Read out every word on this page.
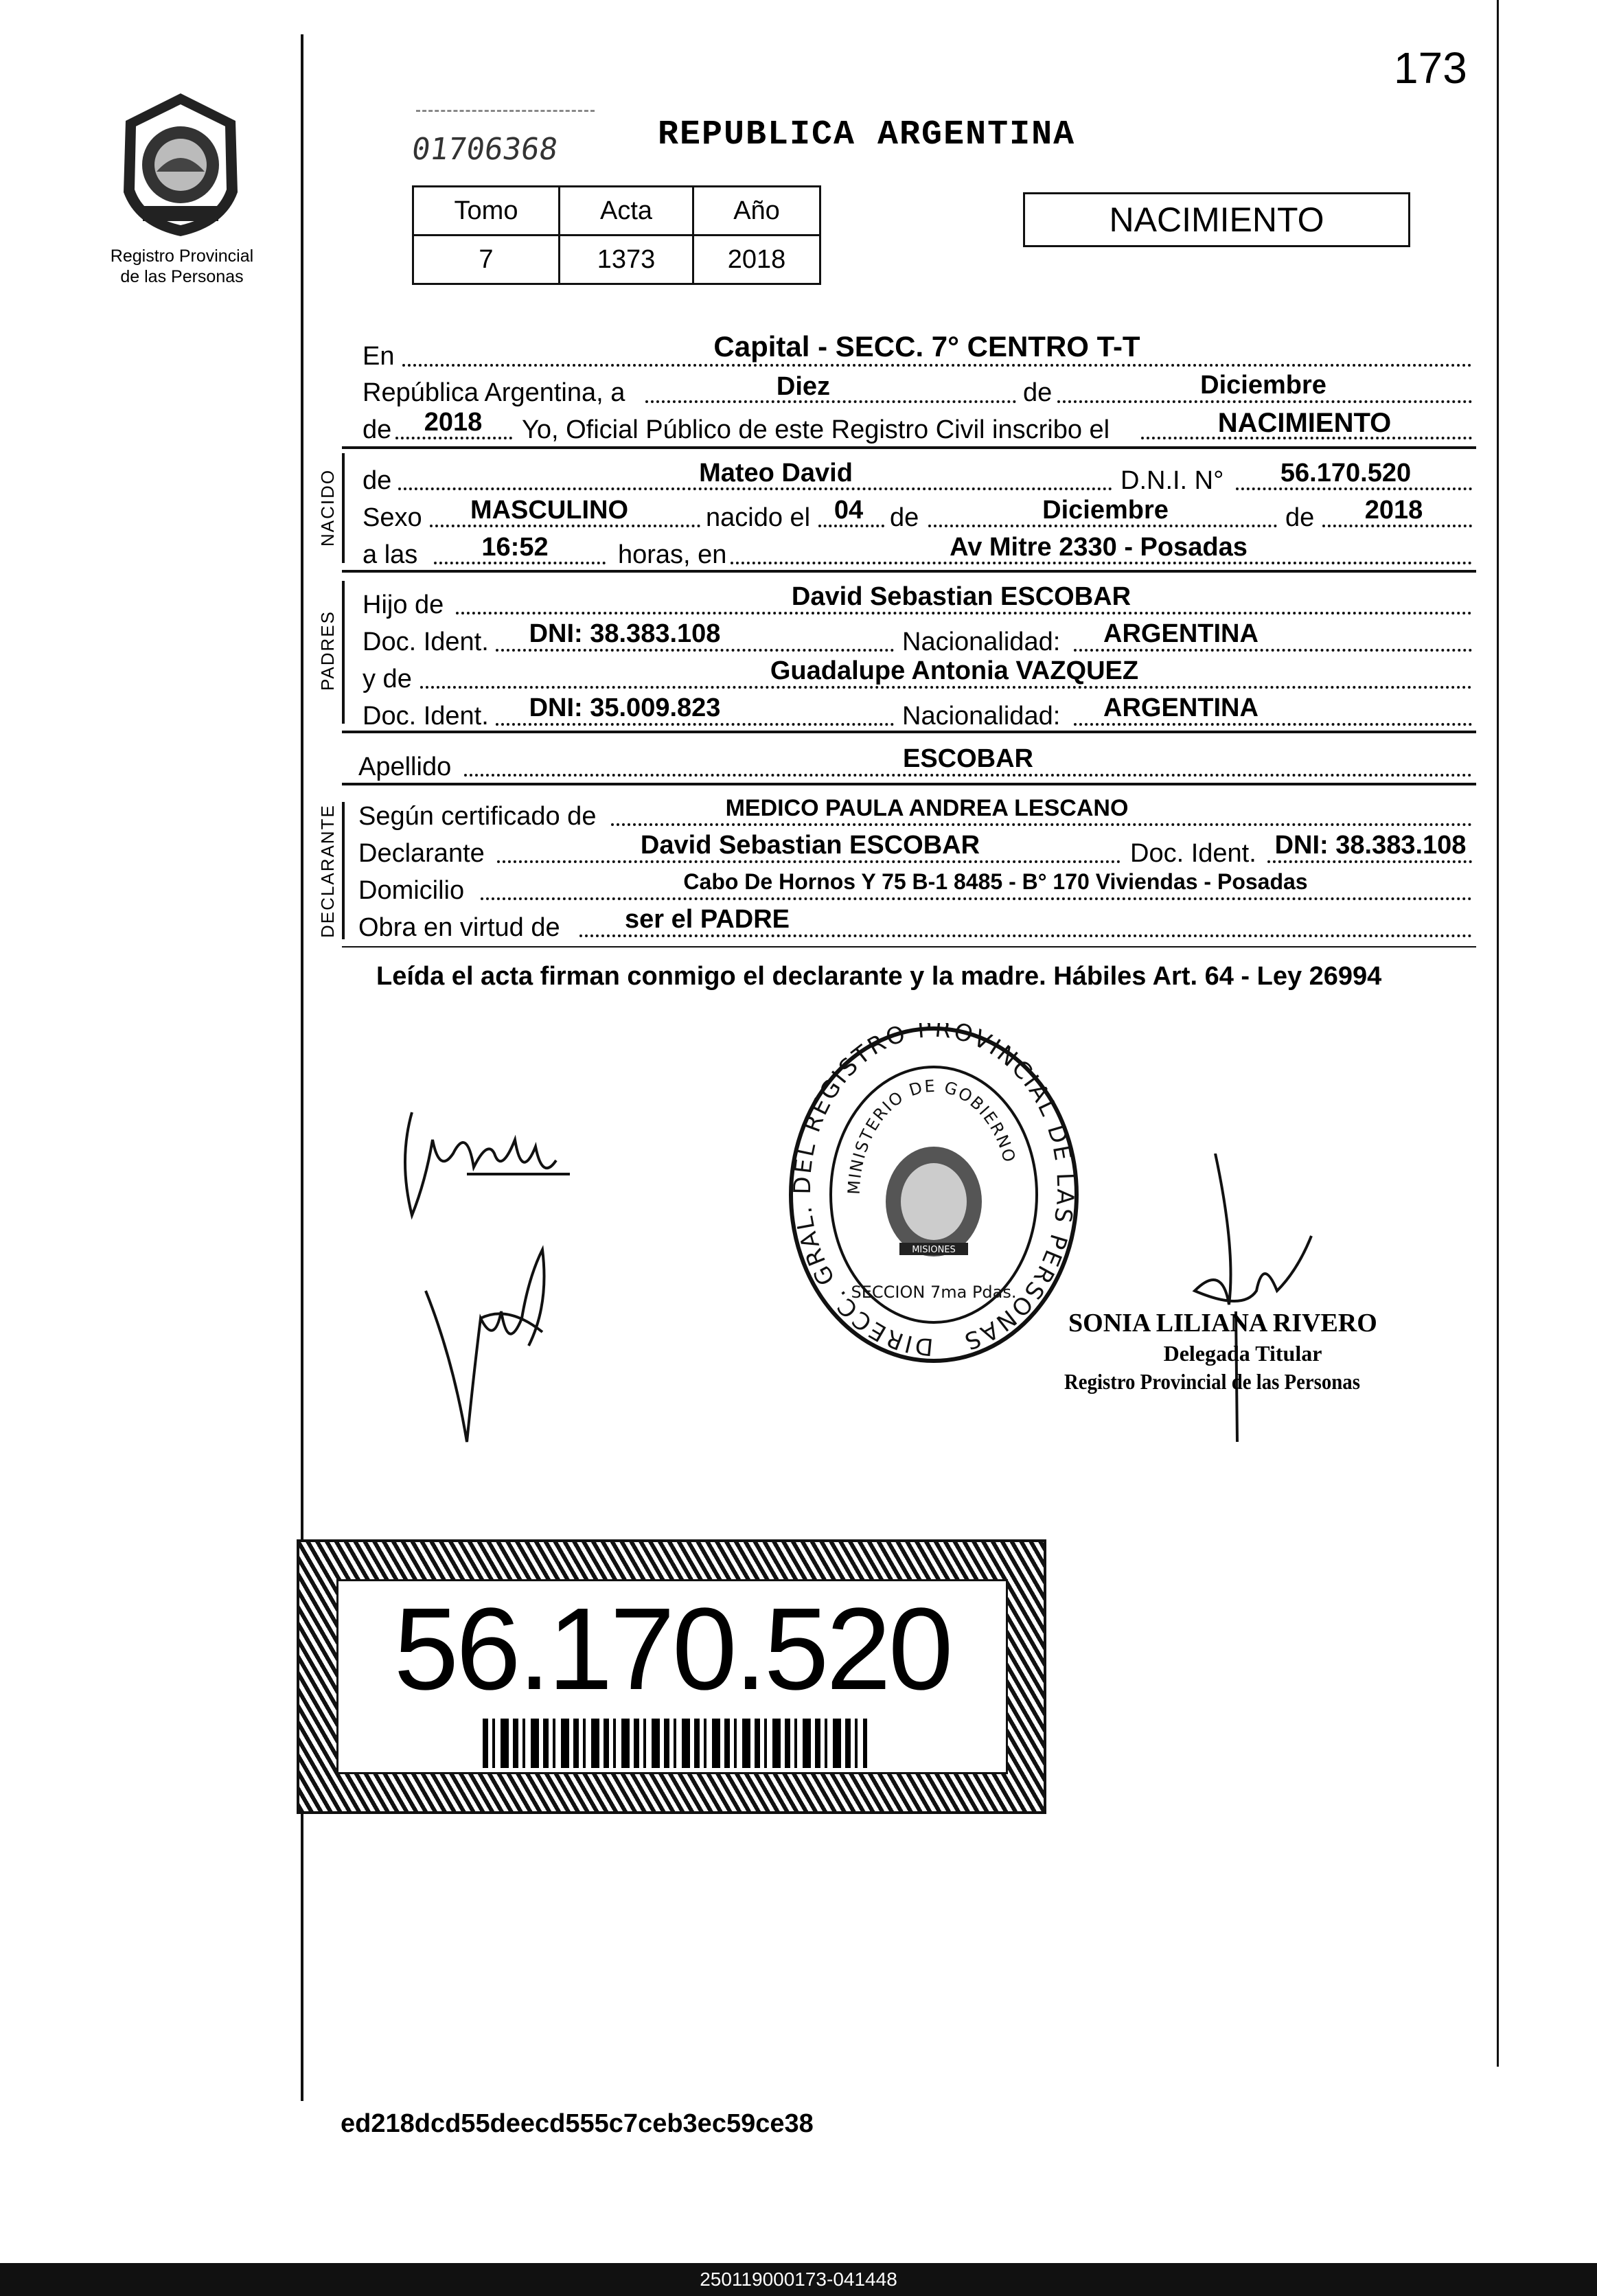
173
Registro Provincial
de las Personas
01706368	REPUBLICA ARGENTINA
Tomo	Acta	Año
7	1373	2018
NACIMIENTO
En	Capital - SECC. 7° CENTRO T-T
República Argentina, a	Diez	de	Diciembre
de	2018	Yo, Oficial Público de este Registro Civil inscribo el	NACIMIENTO
NACIDO de	Mateo David	D.N.I. N°	56.170.520
Sexo	MASCULINO	nacido el 04	de	Diciembre	de	2018
a las	16:52	horas, en	Av Mitre 2330 - Posadas
PADRES
Hijo de	David Sebastian ESCOBAR
Doc. Ident.	DNI: 38.383.108	Nacionalidad:	ARGENTINA
y de	Guadalupe Antonia VAZQUEZ
Doc. Ident.	DNI: 35.009.823	Nacionalidad:	ARGENTINA
Apellido	ESCOBAR
DECLARANTE Según certificado de	MEDICO PAULA ANDREA LESCANO
Declarante	David Sebastian ESCOBAR	Doc. Ident. DNI: 38.383.108
Domicilio	Cabo De Hornos Y 75 B-1 8485 - B° 170 Viviendas - Posadas
Obra en virtud de	ser el PADRE
Leída el acta firman conmigo el declarante y la madre. Hábiles Art. 64 - Ley 26994
DIRECC. GRAL. DEL REGISTRO PROVINCIAL DE LAS PERSONAS
MINISTERIO DE GOBIERNO
MISIONES
SECCION 7ma Pdas.
SONIA LILIANA RIVERO
Delegada Titular
Registro Provincial de las Personas
56.170.520
ed218dcd55deecd555c7ceb3ec59ce38
250119000173-041448
